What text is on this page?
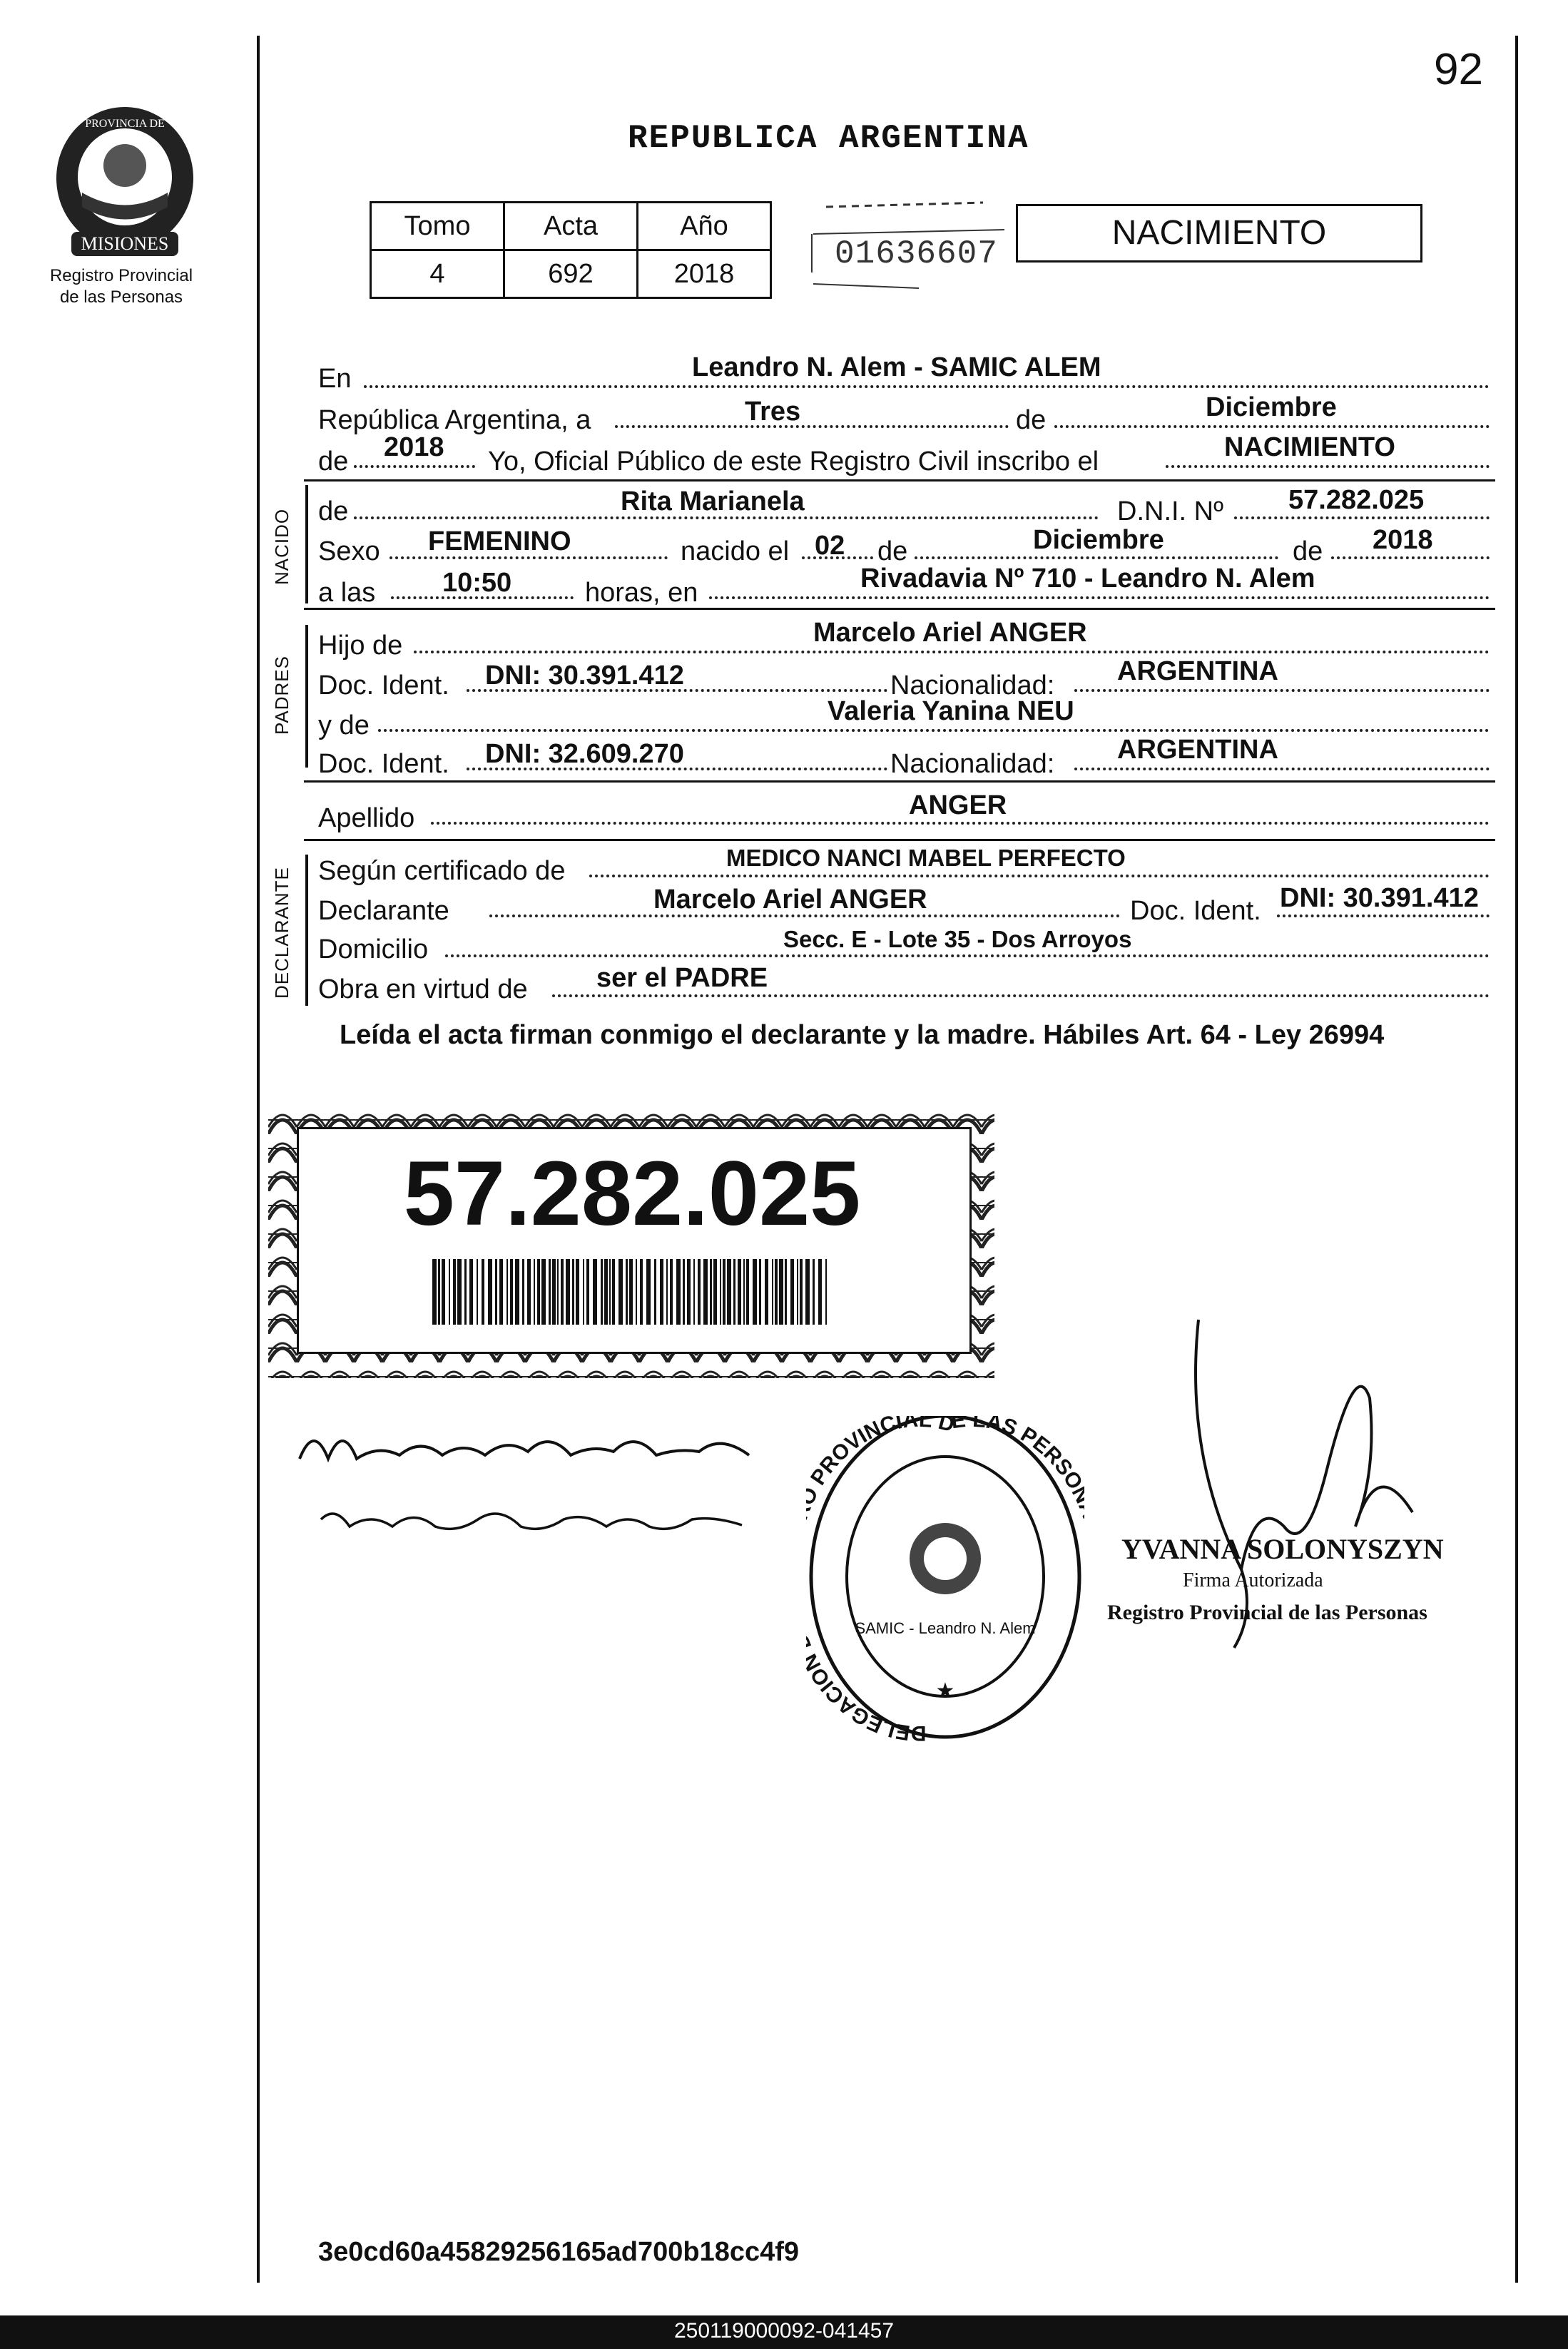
92
REPUBLICA ARGENTINA
MISIONES
PROVINCIA DE
Registro Provincial
de las Personas
Tomo	Acta	Año
4	692	2018
01636607
NACIMIENTO
En	Leandro N. Alem - SAMIC ALEM
República Argentina, a	Tres	de	Diciembre
de 2018 Yo, Oficial Público de este Registro Civil inscribo el	NACIMIENTO
NACIDO de	Rita Marianela	D.N.I. Nº 57.282.025
Sexo FEMENINO	nacido el 02 de	Diciembre	de 2018
a las 10:50	horas, en	Rivadavia Nº 710 - Leandro N. Alem
PADRES
Hijo de	Marcelo Ariel ANGER
Doc. Ident. DNI: 30.391.412	Nacionalidad: ARGENTINA
y de	Valeria Yanina NEU
Doc. Ident. DNI: 32.609.270	Nacionalidad: ARGENTINA
Apellido	ANGER
DECLARANTE Según certificado de	MEDICO NANCI MABEL PERFECTO
Declarante	Marcelo Ariel ANGER	Doc. Ident. DNI: 30.391.412
Domicilio	Secc. E - Lote 35 - Dos Arroyos
Obra en virtud de	ser el PADRE
Leída el acta firman conmigo el declarante y la madre. Hábiles Art. 64 - Ley 26994
57.282.025
DELEGACIO PROVINCIAL DE LAS PERSO
SAMIC - Leandro N. Alem
★
YVANNA SOLONYSZYN
Firma Autorizada
Registro Provincial de las Personas
3e0cd60a45829256165ad700b18cc4f9
250119000092-041457
